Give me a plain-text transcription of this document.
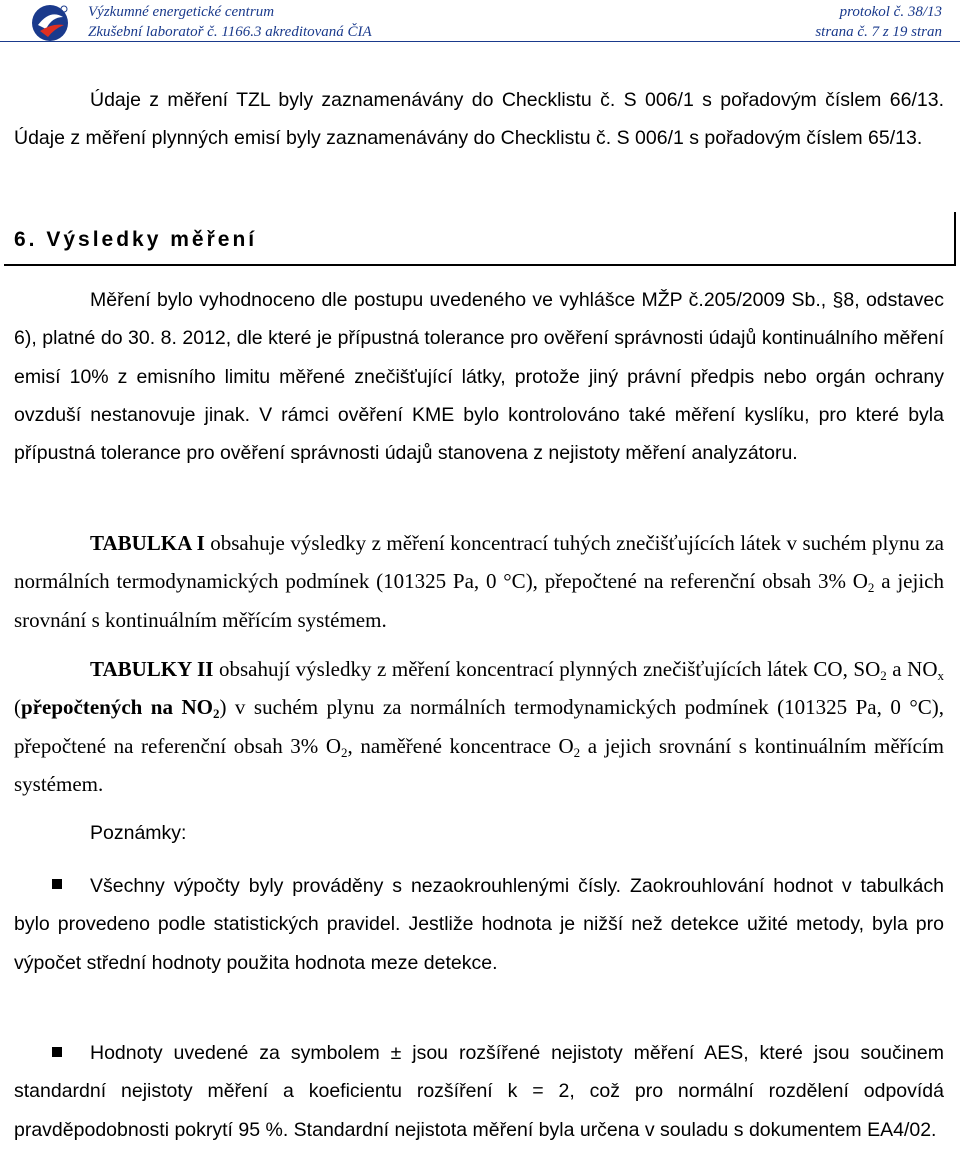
Výzkumné energetické centrum
Zkušební laboratoř č. 1166.3 akreditovaná ČIA
protokol č. 38/13
strana č. 7 z 19 stran

Údaje z měření TZL byly zaznamenávány do Checklistu č. S 006/1 s pořadovým číslem 66/13. Údaje z měření plynných emisí byly zaznamenávány do Checklistu č. S 006/1 s pořadovým číslem 65/13.

6. Výsledky měření

Měření bylo vyhodnoceno dle postupu uvedeného ve vyhlášce MŽP č.205/2009 Sb., §8, odstavec 6), platné do 30. 8. 2012, dle které je přípustná tolerance pro ověření správnosti údajů kontinuálního měření emisí 10% z emisního limitu měřené znečišťující látky, protože jiný právní předpis nebo orgán ochrany ovzduší nestanovuje jinak. V rámci ověření KME bylo kontrolováno také měření kyslíku, pro které byla přípustná tolerance pro ověření správnosti údajů stanovena z nejistoty měření analyzátoru.

TABULKA I obsahuje výsledky z měření koncentrací tuhých znečišťujících látek v suchém plynu za normálních termodynamických podmínek (101325 Pa, 0 °C), přepočtené na referenční obsah 3% $O_2$ a jejich srovnání s kontinuálním měřícím systémem.

TABULKY II obsahují výsledky z měření koncentrací plynných znečišťujících látek CO, $SO_2$ a $NO_x$ (přepočtených na $NO_2$) v suchém plynu za normálních termodynamických podmínek (101325 Pa, 0 °C), přepočtené na referenční obsah 3% $O_2$, naměřené koncentrace $O_2$ a jejich srovnání s kontinuálním měřícím systémem.

Poznámky:

Všechny výpočty byly prováděny s nezaokrouhlenými čísly. Zaokrouhlování hodnot v tabulkách bylo provedeno podle statistických pravidel. Jestliže hodnota je nižší než detekce užité metody, byla pro výpočet střední hodnoty použita hodnota meze detekce.

Hodnoty uvedené za symbolem ± jsou rozšířené nejistoty měření AES, které jsou součinem standardní nejistoty měření a koeficientu rozšíření k = 2, což pro normální rozdělení odpovídá pravděpodobnosti pokrytí 95 %. Standardní nejistota měření byla určena v souladu s dokumentem EA4/02.
